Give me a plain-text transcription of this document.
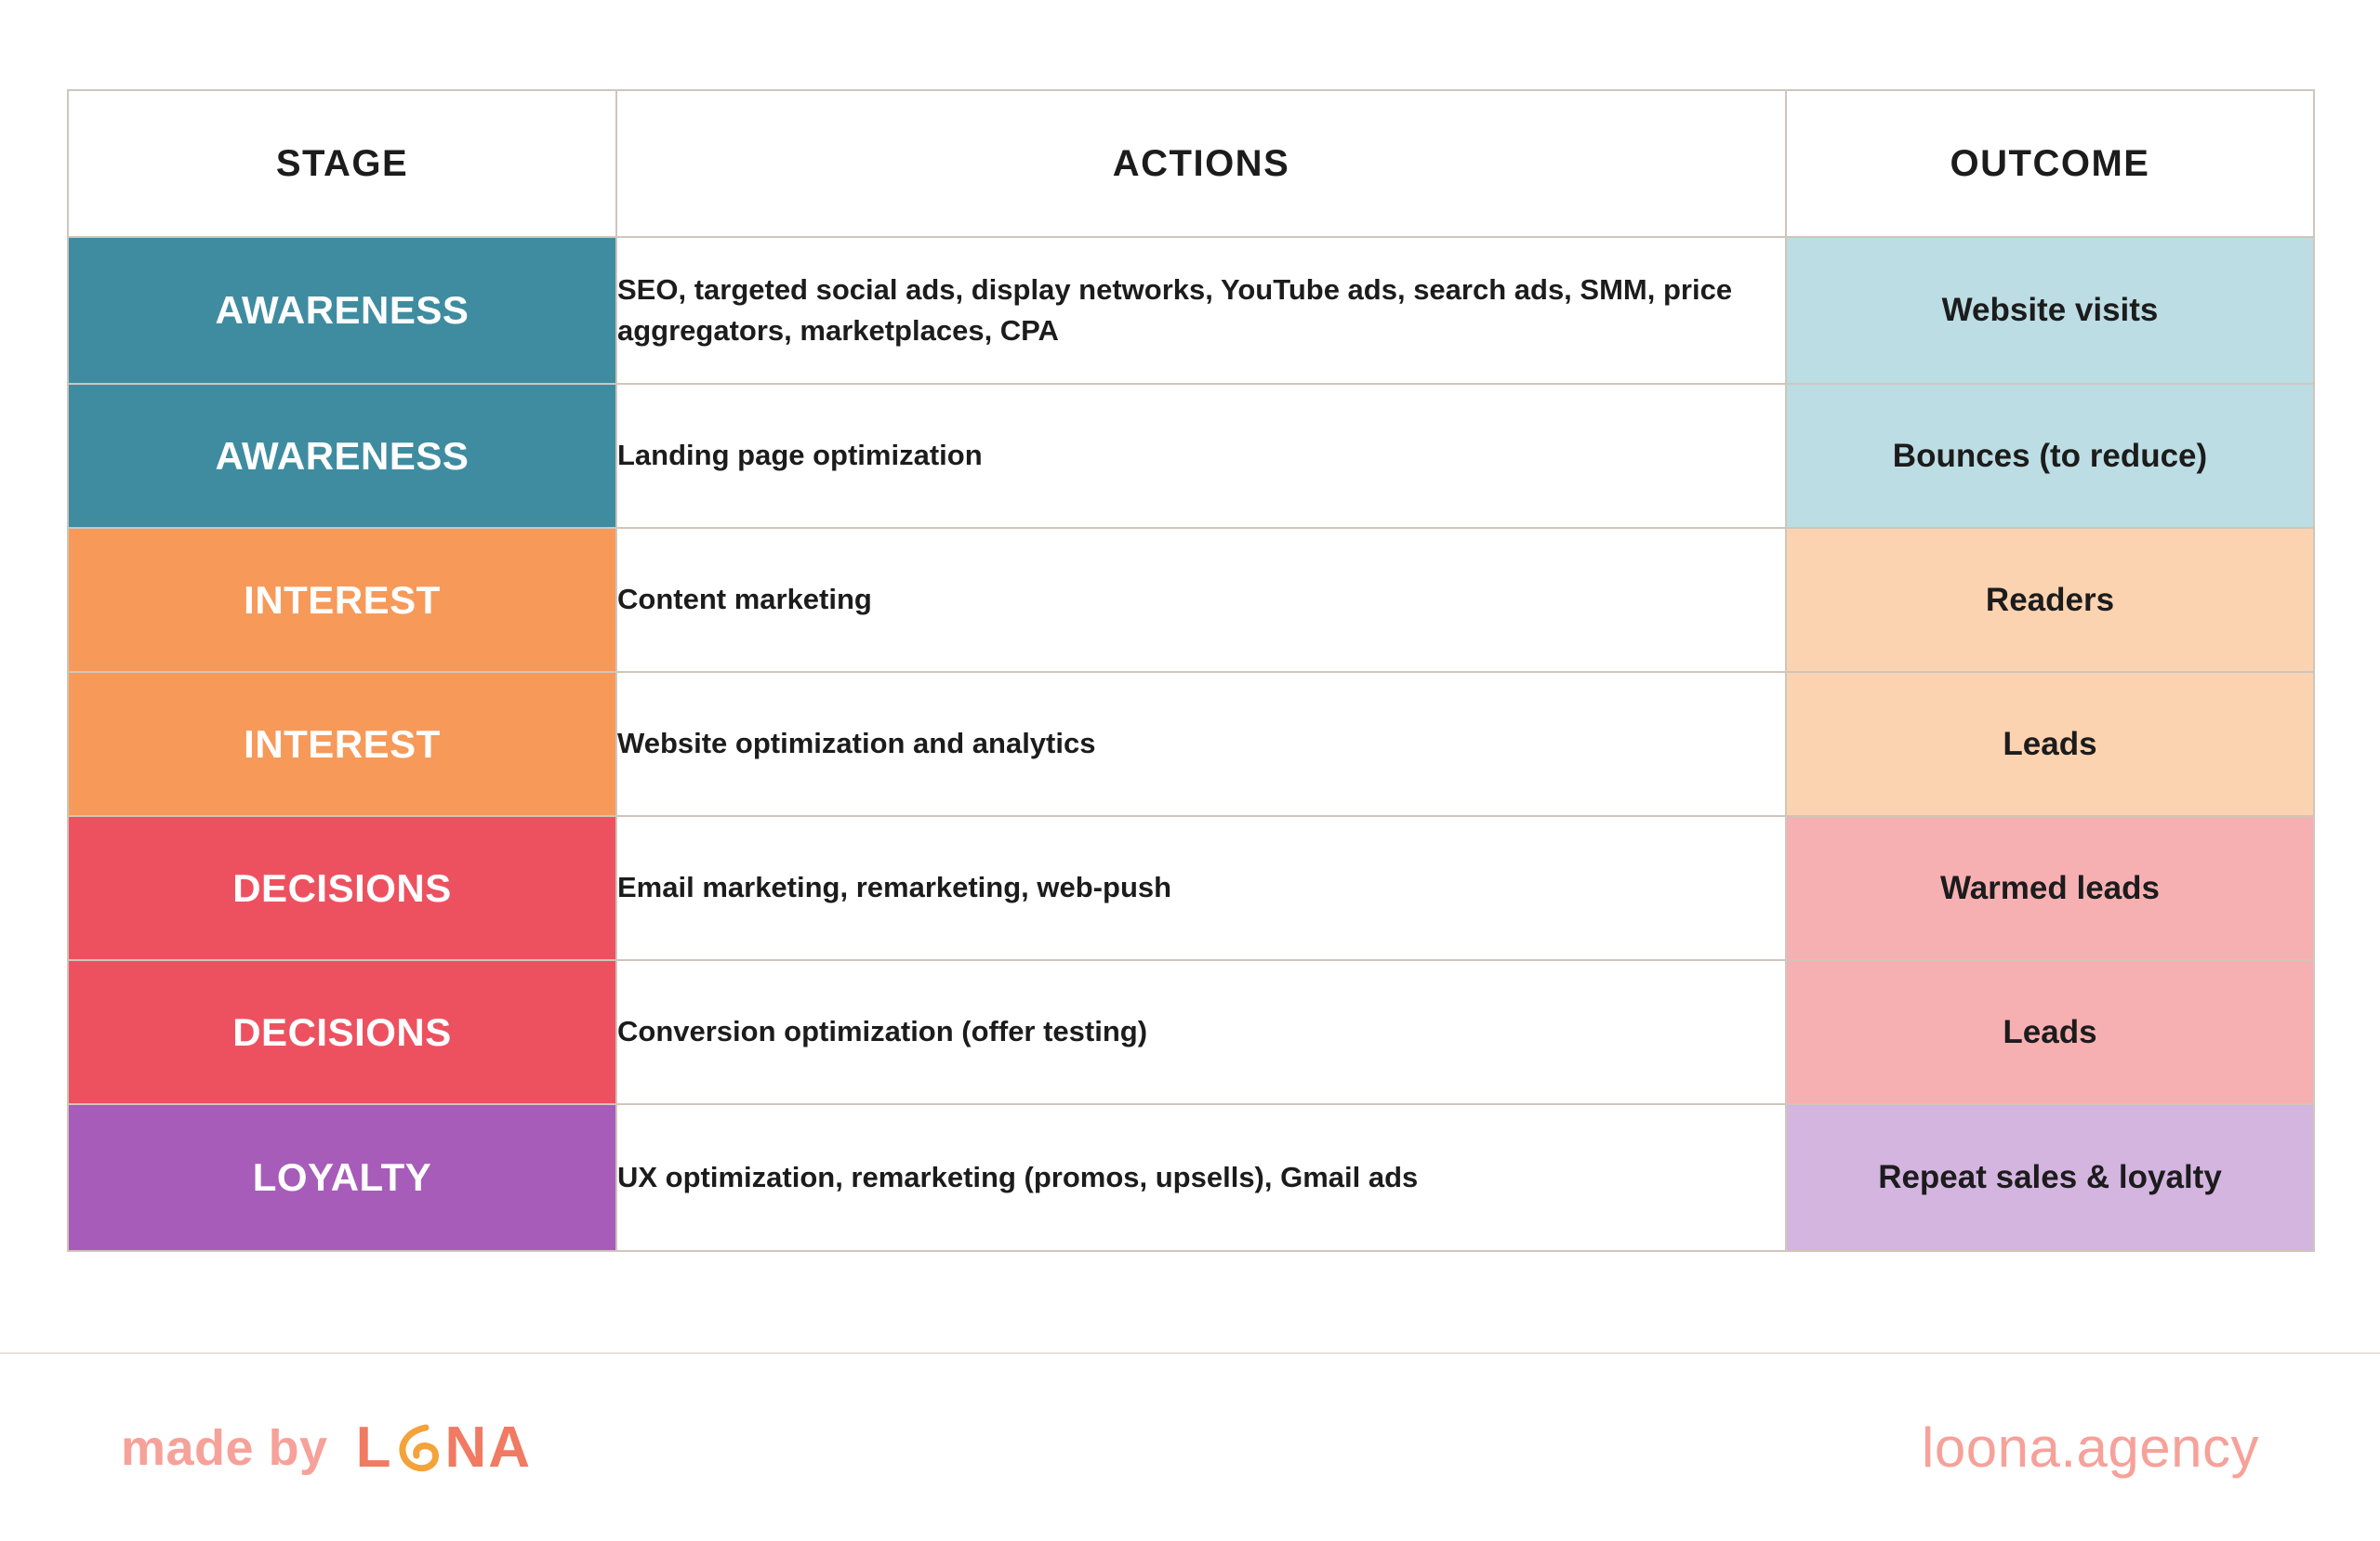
STAGE	ACTIONS	OUTCOME
AWARENESS	SEO, targeted social ads, display networks, YouTube ads, search ads, SMM, price aggregators, marketplaces, CPA	Website visits
AWARENESS	Landing page optimization	Bounces (to reduce)
INTEREST	Content marketing	Readers
INTEREST	Website optimization and analytics	Leads
DECISIONS	Email marketing, remarketing, web-push	Warmed leads
DECISIONS	Conversion optimization (offer testing)	Leads
LOYALTY	UX optimization, remarketing (promos, upsells), Gmail ads	Repeat sales & loyalty
made by L NA	loona.agency
